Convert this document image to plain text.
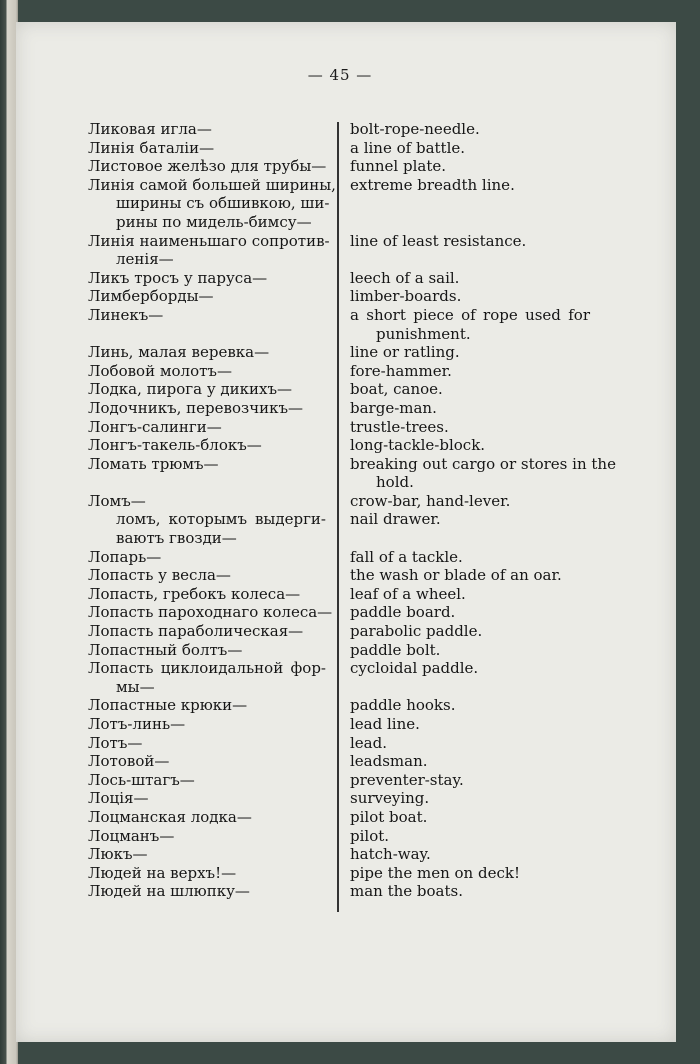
— 45 —
Ликовая игла—
Линія баталіи—
Листовое желѣзо для трубы—
Линія самой большей ширины,
ширины съ обшивкою, ши-
рины по мидель-бимсу—
Линія наименьшаго сопротив-
ленія—
Ликъ тросъ у паруса—
Лимберборды—
Линекъ—
Линь, малая веревка—
Лобовой молотъ—
Лодка, пирога у дикихъ—
Лодочникъ, перевозчикъ—
Лонгъ-салинги—
Лонгъ-такель-блокъ—
Ломать трюмъ—
Ломъ—
ломъ, которымъ выдерги-
ваютъ гвозди—
Лопарь—
Лопасть у весла—
Лопасть, гребокъ колеса—
Лопасть пароходнаго колеса—
Лопасть параболическая—
Лопастный болтъ—
Лопасть циклоидальной фор-
мы—
Лопастные крюки—
Лотъ-линь—
Лотъ—
Лотовой—
Лось-штагъ—
Лоція—
Лоцманская лодка—
Лоцманъ—
Люкъ—
Людей на верхъ!—
Людей на шлюпку—
bolt-rope-needle.
a line of battle.
funnel plate.
extreme breadth line.
line of least resistance.
leech of a sail.
limber-boards.
a short piece of rope used for
punishment.
line or ratling.
fore-hammer.
boat, canoe.
barge-man.
trustle-trees.
long-tackle-block.
breaking out cargo or stores in the
hold.
crow-bar, hand-lever.
nail drawer.
fall of a tackle.
the wash or blade of an oar.
leaf of a wheel.
paddle board.
parabolic paddle.
paddle bolt.
cycloidal paddle.
paddle hooks.
lead line.
lead.
leadsman.
preventer-stay.
surveying.
pilot boat.
pilot.
hatch-way.
pipe the men on deck!
man the boats.
